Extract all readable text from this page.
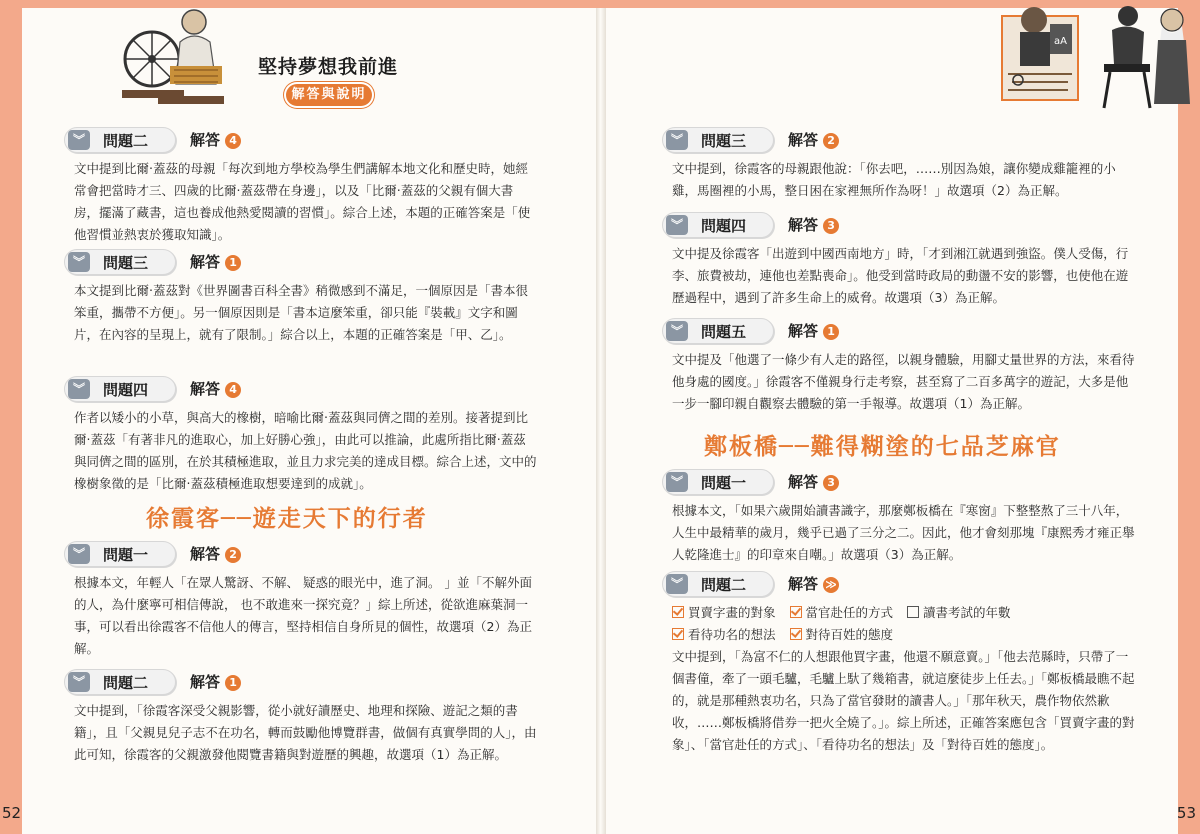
aA
堅持夢想我前進
解答與說明
︾	問題二	解答 4
文中提到比爾‧蓋茲的母親「每次到地方學校為學生們講解本地文化和歷史時，她經常會把當時才三、四歲的比爾‧蓋茲帶在身邊」，以及「比爾‧蓋茲的父親有個大書房，擺滿了藏書，這也養成他熱愛閱讀的習慣」。綜合上述，本題的正確答案是「使他習慣並熱衷於獲取知識」。
︾	問題三	解答 1
本文提到比爾‧蓋茲對《世界圖書百科全書》稍微感到不滿足，一個原因是「書本很笨重，攜帶不方便」。另一個原因則是「書本這麼笨重，卻只能『裝載』文字和圖片，在內容的呈現上，就有了限制。」綜合以上，本題的正確答案是「甲、乙」。
︾	問題四	解答 4
作者以矮小的小草，與高大的橡樹，暗喻比爾‧蓋茲與同儕之間的差別。接著提到比爾‧蓋茲「有著非凡的進取心，加上好勝心強」，由此可以推論，此處所指比爾‧蓋茲與同儕之間的區別，在於其積極進取，並且力求完美的達成目標。綜合上述，文中的橡樹象徵的是「比爾‧蓋茲積極進取想要達到的成就」。
徐霞客──遊走天下的行者
︾	問題一	解答 2
根據本文，年輕人「在眾人驚訝、不解、 疑惑的眼光中，進了洞。 」並「不解外面的人，為什麼寧可相信傳說， 也不敢進來一探究竟？」綜上所述，從欲進麻葉洞一事，可以看出徐霞客不信他人的傳言，堅持相信自身所見的個性，故選項（2）為正解。
︾	問題二	解答 1
文中提到，「徐霞客深受父親影響，從小就好讀歷史、地理和探險、遊記之類的書籍」，且「父親見兒子志不在功名，轉而鼓勵他博覽群書，做個有真實學問的人」，由此可知，徐霞客的父親激發他閱覽書籍與對遊歷的興趣，故選項（1）為正解。
52
︾	問題三	解答 2
文中提到，徐霞客的母親跟他說：「你去吧，……別因為娘，讓你變成雞籠裡的小雞，馬圈裡的小馬，整日困在家裡無所作為呀！」故選項（2）為正解。
︾	問題四	解答 3
文中提及徐霞客「出遊到中國西南地方」時，「才到湘江就遇到強盜。僕人受傷，行李、旅費被劫，連他也差點喪命」。他受到當時政局的動盪不安的影響，也使他在遊歷過程中，遇到了許多生命上的威脅。故選項（3）為正解。
︾	問題五	解答 1
文中提及「他選了一條少有人走的路徑，以親身體驗，用腳丈量世界的方法，來看待他身處的國度。」徐霞客不僅親身行走考察，甚至寫了二百多萬字的遊記，大多是他一步一腳印親自觀察去體驗的第一手報導。故選項（1）為正解。
鄭板橋──難得糊塗的七品芝麻官
︾	問題一	解答 3
根據本文，「如果六歲開始讀書識字，那麼鄭板橋在『寒窗』下整整熬了三十八年， 人生中最精華的歲月，幾乎已過了三分之二。因此，他才會刻那塊『康熙秀才雍正舉人乾隆進士』的印章來自嘲。」故選項（3）為正解。
︾	問題二	解答 ≫
買賣字畫的對象 當官赴任的方式 讀書考試的年數
看待功名的想法 對待百姓的態度
文中提到，「為富不仁的人想跟他買字畫，他還不願意賣。」「他去范縣時，只帶了一個書僮，牽了一頭毛驢，毛驢上馱了幾箱書，就這麼徒步上任去。」「鄭板橋最瞧不起的，就是那種熱衷功名，只為了當官發財的讀書人。」「那年秋天，農作物依然歉收，……鄭板橋將借券一把火全燒了。」。綜上所述，正確答案應包含「買賣字畫的對象」、「當官赴任的方式」、「看待功名的想法」及「對待百姓的態度」。
53
